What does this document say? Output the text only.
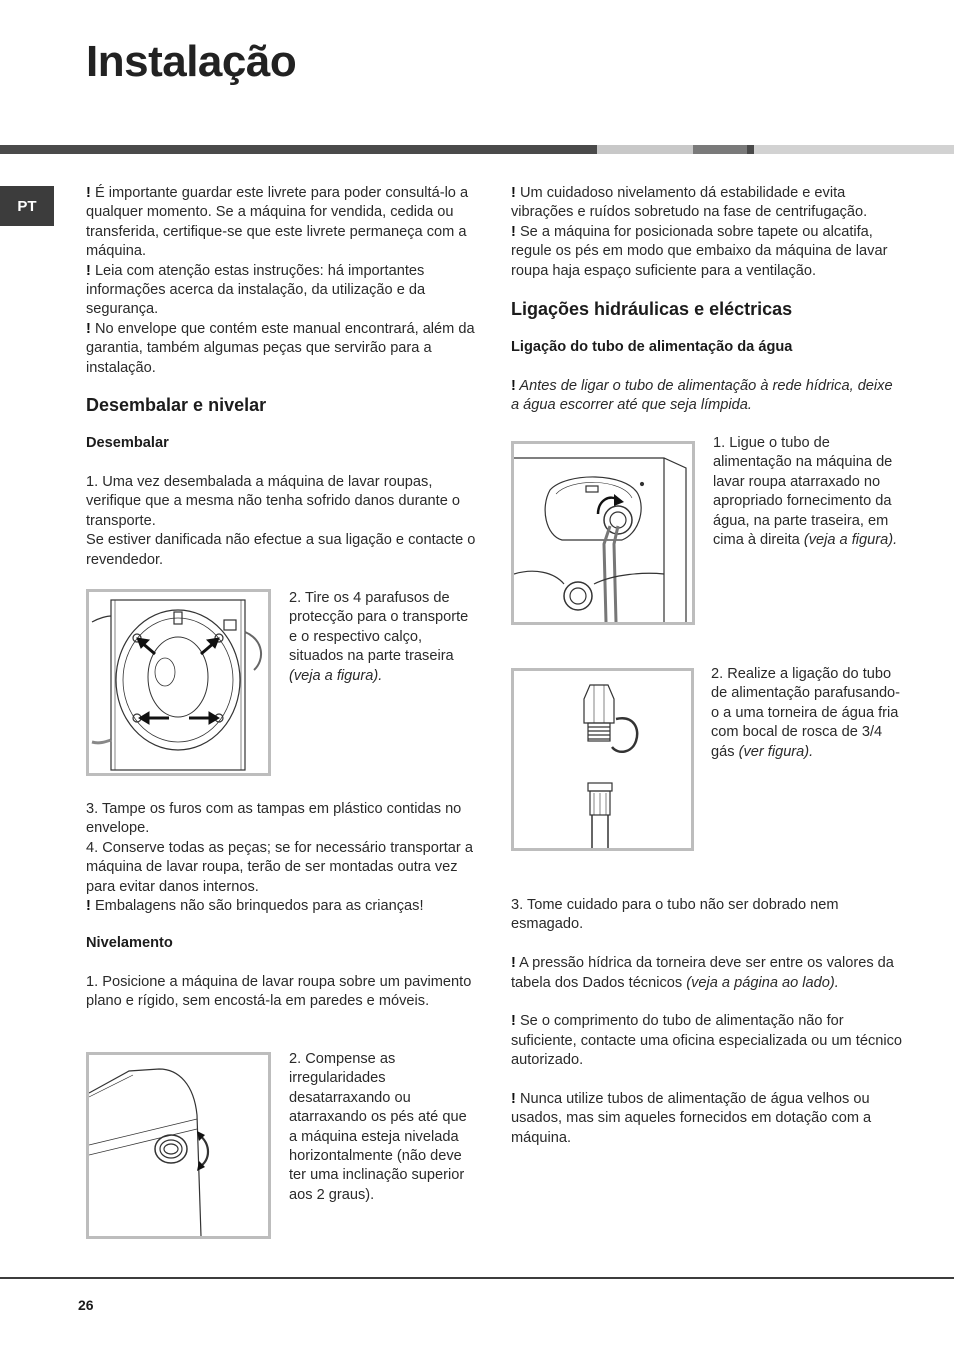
Instalação
PT

! É importante guardar este livrete para poder consultá-lo a qualquer momento. Se a máquina for vendida, cedida ou transferida, certifique-se que este livrete permaneça com a máquina.

! Leia com atenção estas instruções: há importantes informações acerca da instalação, da utilização e da segurança.

! No envelope que contém este manual encontrará, além da garantia, também algumas peças que servirão para a instalação.

Desembalar e nivelar
Desembalar

1. Uma vez desembalada a máquina de lavar roupas, verifique que a mesma não tenha sofrido danos durante o transporte.

Se estiver danificada não efectue a sua ligação e contacte o revendedor.

2. Tire os 4 parafusos de protecção para o transporte e o respectivo calço, situados na parte traseira (veja a figura).

3. Tampe os furos com as tampas em plástico contidas no envelope.

4. Conserve todas as peças; se for necessário transportar a máquina de lavar roupa, terão de ser montadas outra vez para evitar danos internos.

! Embalagens não são brinquedos para as crianças!

Nivelamento

1. Posicione a máquina de lavar roupa sobre um pavimento plano e rígido, sem encostá-la em paredes e móveis.

2. Compense as irregularidades desatarraxando ou atarraxando os pés até que a máquina esteja nivelada horizontalmente (não deve ter uma inclinação superior aos 2 graus).

! Um cuidadoso nivelamento dá estabilidade e evita vibrações e ruídos sobretudo na fase de centrifugação.

! Se a máquina for posicionada sobre tapete ou alcatifa, regule os pés em modo que embaixo da máquina de lavar roupa haja espaço suficiente para a ventilação.

Ligações hidráulicas e eléctricas
Ligação do tubo de alimentação da água

! Antes de ligar o tubo de alimentação à rede hídrica, deixe a água escorrer até que seja límpida.

1. Ligue o tubo de alimentação na máquina de lavar roupa atarraxado no apropriado fornecimento da água, na parte traseira, em cima à direita (veja a figura).
2. Realize a ligação do tubo de alimentação parafusando-o a uma torneira de água fria com bocal de rosca de 3/4 gás (ver figura).

3. Tome cuidado para o tubo não ser dobrado nem esmagado.

! A pressão hídrica da torneira deve ser entre os valores da tabela dos Dados técnicos (veja a página ao lado).

! Se o comprimento do tubo de alimentação não for suficiente, contacte uma oficina especializada ou um técnico autorizado.

! Nunca utilize tubos de alimentação de água velhos ou usados, mas sim aqueles fornecidos em dotação com a máquina.

26
